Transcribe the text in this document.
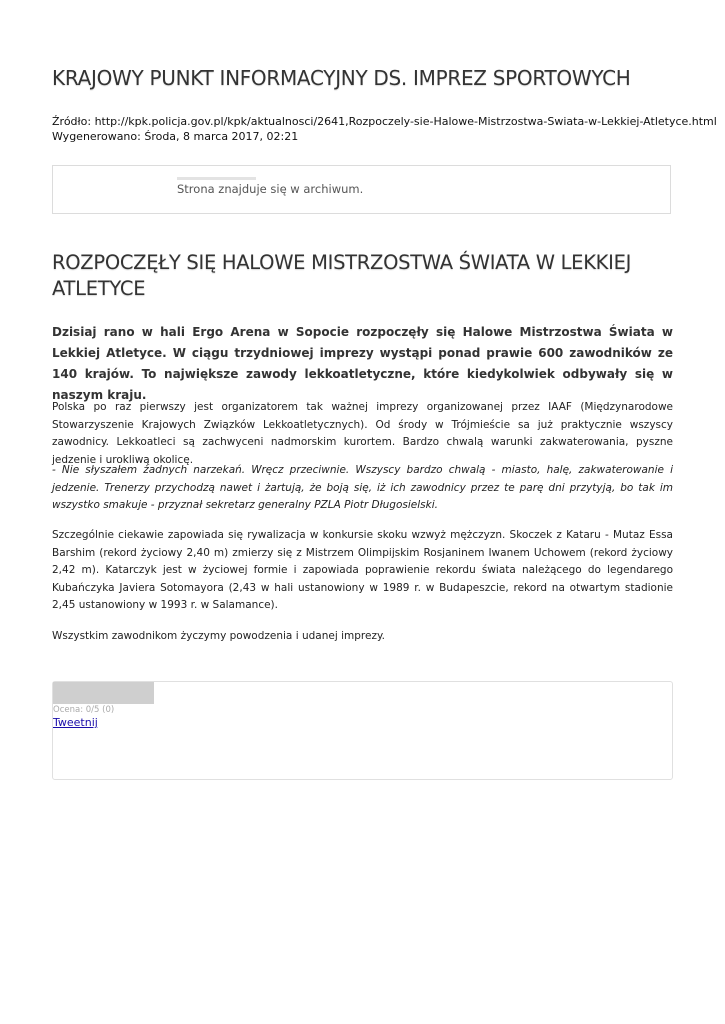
KRAJOWY PUNKT INFORMACYJNY DS. IMPREZ SPORTOWYCH
Źródło: http://kpk.policja.gov.pl/kpk/aktualnosci/2641,Rozpoczely-sie-Halowe-Mistrzostwa-Swiata-w-Lekkiej-Atletyce.html
Wygenerowano: Środa, 8 marca 2017, 02:21
Strona znajduje się w archiwum.
ROZPOCZĘŁY SIĘ HALOWE MISTRZOSTWA ŚWIATA W LEKKIEJ ATLETYCE

Dzisiaj rano w hali Ergo Arena w Sopocie rozpoczęły się Halowe Mistrzostwa Świata w Lekkiej Atletyce. W ciągu trzydniowej imprezy wystąpi ponad prawie 600 zawodników ze 140 krajów. To największe zawody lekkoatletyczne, które kiedykolwiek odbywały się w naszym kraju.

Polska po raz pierwszy jest organizatorem tak ważnej imprezy organizowanej przez IAAF (Międzynarodowe Stowarzyszenie Krajowych Związków Lekkoatletycznych). Od środy w Trójmieście sa już praktycznie wszyscy zawodnicy. Lekkoatleci są zachwyceni nadmorskim kurortem. Bardzo chwalą warunki zakwaterowania, pyszne jedzenie i urokliwą okolicę.

- Nie słyszałem żadnych narzekań. Wręcz przeciwnie. Wszyscy bardzo chwalą - miasto, halę, zakwaterowanie i jedzenie. Trenerzy przychodzą nawet i żartują, że boją się, iż ich zawodnicy przez te parę dni przytyją, bo tak im wszystko smakuje - przyznał sekretarz generalny PZLA Piotr Długosielski.

Szczególnie ciekawie zapowiada się rywalizacja w konkursie skoku wzwyż mężczyzn. Skoczek z Kataru - Mutaz Essa Barshim (rekord życiowy 2,40 m) zmierzy się z Mistrzem Olimpijskim Rosjaninem Iwanem Uchowem (rekord życiowy 2,42 m). Katarczyk jest w życiowej formie i zapowiada poprawienie rekordu świata należącego do legendarego Kubańczyka Javiera Sotomayora (2,43 w hali ustanowiony w 1989 r. w Budapeszcie, rekord na otwartym stadionie 2,45 ustanowiony w 1993 r. w Salamance).

Wszystkim zawodnikom życzymy powodzenia i udanej imprezy.

Ocena: 0/5 (0)
Tweetnij
